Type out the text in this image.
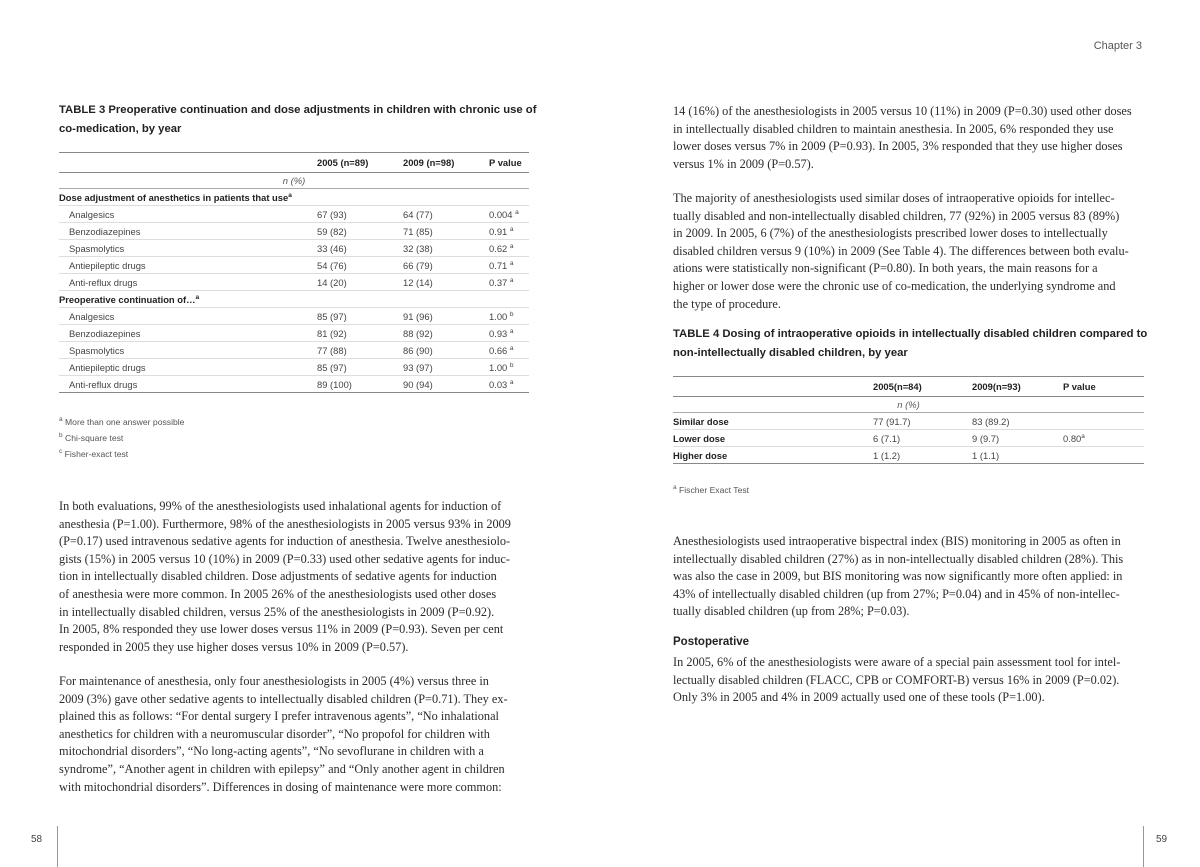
Chapter 3
TABLE 3 Preoperative continuation and dose adjustments in children with chronic use of
co-medication, by year
	2005 (n=89)	2009 (n=98)	P value
n (%)			
Dose adjustment of anesthetics in patients that use$^a$
Analgesics	67 (93)	64 (77)	0.004 $^a$
Benzodiazepines	59 (82)	71 (85)	0.91 $^a$
Spasmolytics	33 (46)	32 (38)	0.62 $^a$
Antiepileptic drugs	54 (76)	66 (79)	0.71 $^a$
Anti-reflux drugs	14 (20)	12 (14)	0.37 $^a$
Preoperative continuation of…$^a$
Analgesics	85 (97)	91 (96)	1.00 $^b$
Benzodiazepines	81 (92)	88 (92)	0.93 $^a$
Spasmolytics	77 (88)	86 (90)	0.66 $^a$
Antiepileptic drugs	85 (97)	93 (97)	1.00 $^b$
Anti-reflux drugs	89 (100)	90 (94)	0.03 $^a$
$^a$ More than one answer possible
$^b$ Chi-square test
$^c$ Fisher-exact test
In both evaluations, 99% of the anesthesiologists used inhalational agents for induction of
anesthesia (P=1.00). Furthermore, 98% of the anesthesiologists in 2005 versus 93% in 2009
(P=0.17) used intravenous sedative agents for induction of anesthesia. Twelve anesthesiolo-
gists (15%) in 2005 versus 10 (10%) in 2009 (P=0.33) used other sedative agents for induc-
tion in intellectually disabled children. Dose adjustments of sedative agents for induction
of anesthesia were more common. In 2005 26% of the anesthesiologists used other doses
in intellectually disabled children, versus 25% of the anesthesiologists in 2009 (P=0.92).
In 2005, 8% responded they use lower doses versus 11% in 2009 (P=0.93). Seven per cent
responded in 2005 they use higher doses versus 10% in 2009 (P=0.57).
For maintenance of anesthesia, only four anesthesiologists in 2005 (4%) versus three in
2009 (3%) gave other sedative agents to intellectually disabled children (P=0.71). They ex-
plained this as follows: “For dental surgery I prefer intravenous agents”, “No inhalational
anesthetics for children with a neuromuscular disorder”, “No propofol for children with
mitochondrial disorders”, “No long-acting agents”, “No sevoflurane in children with a
syndrome”, “Another agent in children with epilepsy” and “Only another agent in children
with mitochondrial disorders”. Differences in dosing of maintenance were more common:
14 (16%) of the anesthesiologists in 2005 versus 10 (11%) in 2009 (P=0.30) used other doses
in intellectually disabled children to maintain anesthesia. In 2005, 6% responded they use
lower doses versus 7% in 2009 (P=0.93). In 2005, 3% responded that they use higher doses
versus 1% in 2009 (P=0.57).
The majority of anesthesiologists used similar doses of intraoperative opioids for intellec-
tually disabled and non-intellectually disabled children, 77 (92%) in 2005 versus 83 (89%)
in 2009. In 2005, 6 (7%) of the anesthesiologists prescribed lower doses to intellectually
disabled children versus 9 (10%) in 2009 (See Table 4). The differences between both evalu-
ations were statistically non-significant (P=0.80). In both years, the main reasons for a
higher or lower dose were the chronic use of co-medication, the underlying syndrome and
the type of procedure.
TABLE 4 Dosing of intraoperative opioids in intellectually disabled children compared to
non-intellectually disabled children, by year
	2005(n=84)	2009(n=93)	P value
n (%)			
Similar dose	77 (91.7)	83 (89.2)	
Lower dose	6 (7.1)	9 (9.7)	0.80$^a$
Higher dose	1 (1.2)	1 (1.1)	
$^a$ Fischer Exact Test
Anesthesiologists used intraoperative bispectral index (BIS) monitoring in 2005 as often in
intellectually disabled children (27%) as in non-intellectually disabled children (28%). This
was also the case in 2009, but BIS monitoring was now significantly more often applied: in
43% of intellectually disabled children (up from 27%; P=0.04) and in 45% of non-intellec-
tually disabled children (up from 28%; P=0.03).
Postoperative
In 2005, 6% of the anesthesiologists were aware of a special pain assessment tool for intel-
lectually disabled children (FLACC, CPB or COMFORT-B) versus 16% in 2009 (P=0.02).
Only 3% in 2005 and 4% in 2009 actually used one of these tools (P=1.00).
58	59
